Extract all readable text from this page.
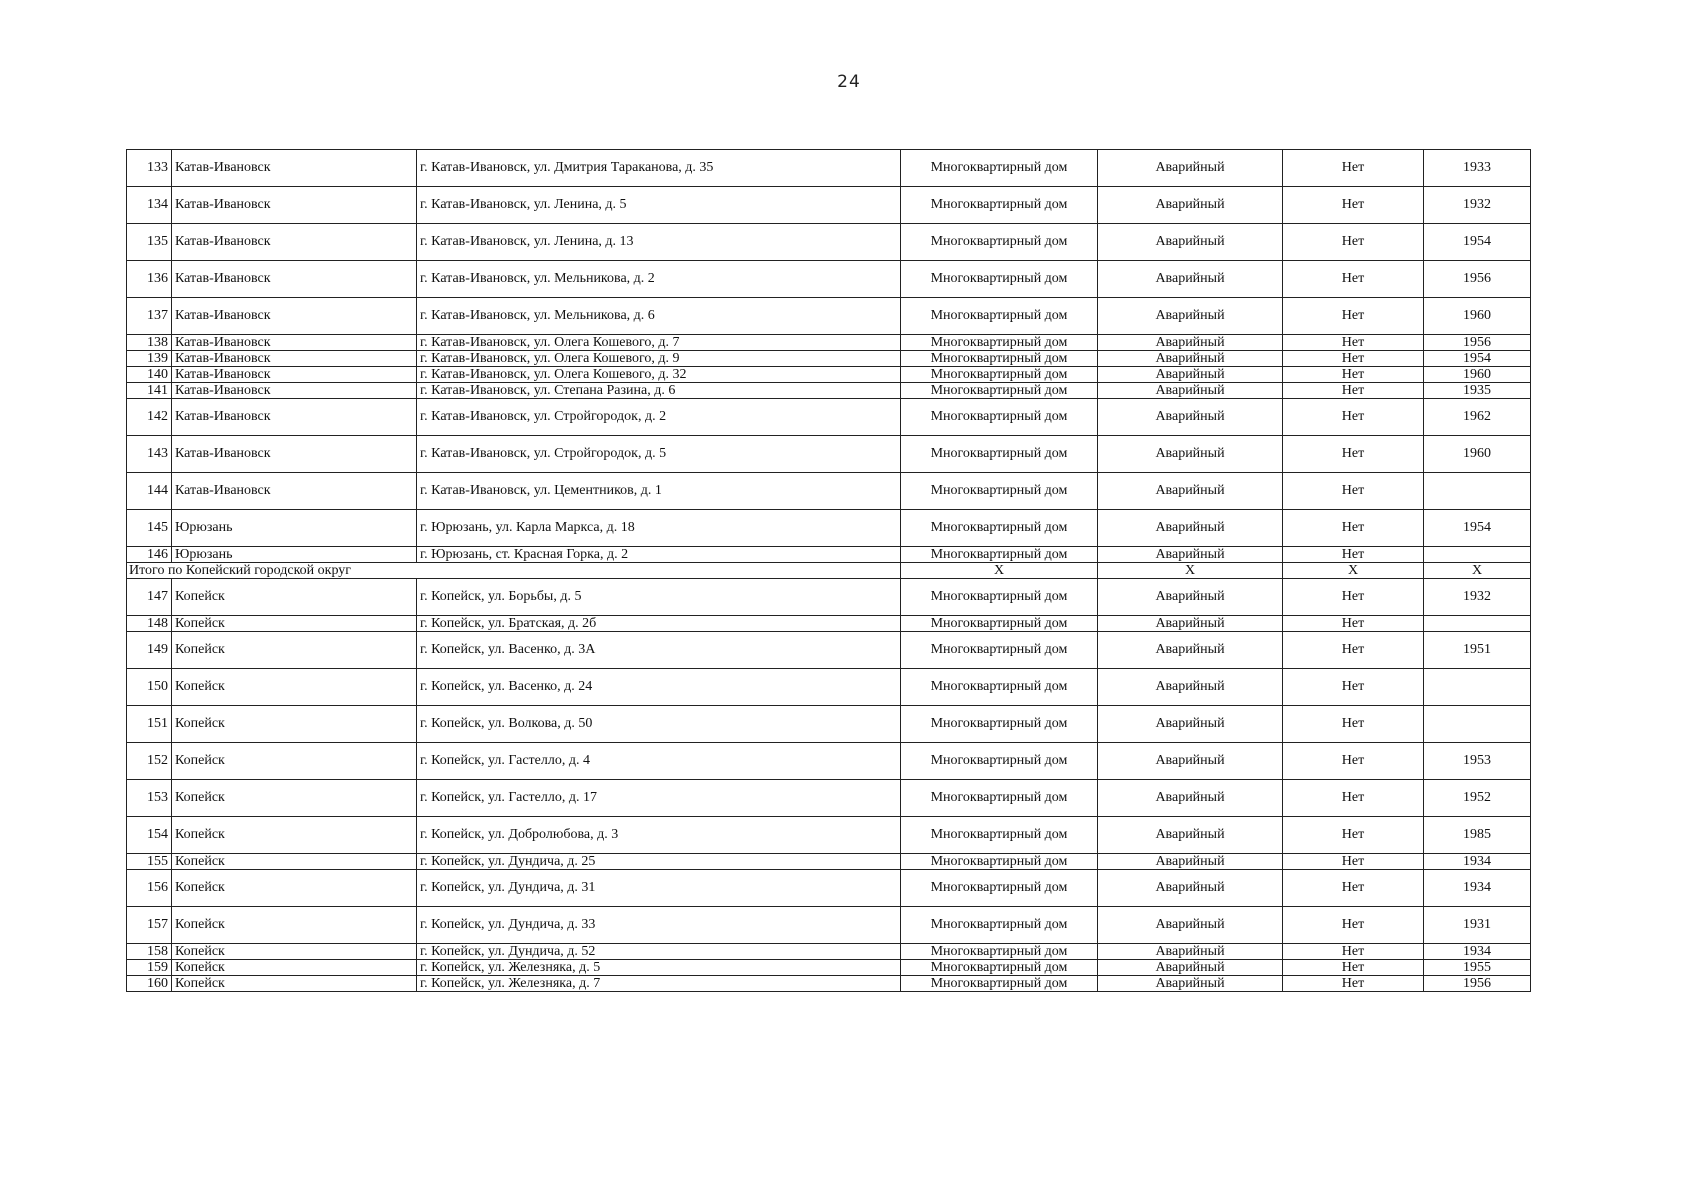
24
133	Катав-Ивановск	г. Катав-Ивановск, ул. Дмитрия Тараканова, д. 35	Многоквартирный дом	Аварийный	Нет	1933
134	Катав-Ивановск	г. Катав-Ивановск, ул. Ленина, д. 5	Многоквартирный дом	Аварийный	Нет	1932
135	Катав-Ивановск	г. Катав-Ивановск, ул. Ленина, д. 13	Многоквартирный дом	Аварийный	Нет	1954
136	Катав-Ивановск	г. Катав-Ивановск, ул. Мельникова, д. 2	Многоквартирный дом	Аварийный	Нет	1956
137	Катав-Ивановск	г. Катав-Ивановск, ул. Мельникова, д. 6	Многоквартирный дом	Аварийный	Нет	1960
138	Катав-Ивановск	г. Катав-Ивановск, ул. Олега Кошевого, д. 7	Многоквартирный дом	Аварийный	Нет	1956
139	Катав-Ивановск	г. Катав-Ивановск, ул. Олега Кошевого, д. 9	Многоквартирный дом	Аварийный	Нет	1954
140	Катав-Ивановск	г. Катав-Ивановск, ул. Олега Кошевого, д. 32	Многоквартирный дом	Аварийный	Нет	1960
141	Катав-Ивановск	г. Катав-Ивановск, ул. Степана Разина, д. 6	Многоквартирный дом	Аварийный	Нет	1935
142	Катав-Ивановск	г. Катав-Ивановск, ул. Стройгородок, д. 2	Многоквартирный дом	Аварийный	Нет	1962
143	Катав-Ивановск	г. Катав-Ивановск, ул. Стройгородок, д. 5	Многоквартирный дом	Аварийный	Нет	1960
144	Катав-Ивановск	г. Катав-Ивановск, ул. Цементников, д. 1	Многоквартирный дом	Аварийный	Нет	
145	Юрюзань	г. Юрюзань, ул. Карла Маркса, д. 18	Многоквартирный дом	Аварийный	Нет	1954
146	Юрюзань	г. Юрюзань, ст. Красная Горка, д. 2	Многоквартирный дом	Аварийный	Нет	
Итого по Копейский городской округ			X	X	X	X
147	Копейск	г. Копейск, ул. Борьбы, д. 5	Многоквартирный дом	Аварийный	Нет	1932
148	Копейск	г. Копейск, ул. Братская, д. 2б	Многоквартирный дом	Аварийный	Нет	
149	Копейск	г. Копейск, ул. Васенко, д. 3А	Многоквартирный дом	Аварийный	Нет	1951
150	Копейск	г. Копейск, ул. Васенко, д. 24	Многоквартирный дом	Аварийный	Нет	
151	Копейск	г. Копейск, ул. Волкова, д. 50	Многоквартирный дом	Аварийный	Нет	
152	Копейск	г. Копейск, ул. Гастелло, д. 4	Многоквартирный дом	Аварийный	Нет	1953
153	Копейск	г. Копейск, ул. Гастелло, д. 17	Многоквартирный дом	Аварийный	Нет	1952
154	Копейск	г. Копейск, ул. Добролюбова, д. 3	Многоквартирный дом	Аварийный	Нет	1985
155	Копейск	г. Копейск, ул. Дундича, д. 25	Многоквартирный дом	Аварийный	Нет	1934
156	Копейск	г. Копейск, ул. Дундича, д. 31	Многоквартирный дом	Аварийный	Нет	1934
157	Копейск	г. Копейск, ул. Дундича, д. 33	Многоквартирный дом	Аварийный	Нет	1931
158	Копейск	г. Копейск, ул. Дундича, д. 52	Многоквартирный дом	Аварийный	Нет	1934
159	Копейск	г. Копейск, ул. Железняка, д. 5	Многоквартирный дом	Аварийный	Нет	1955
160	Копейск	г. Копейск, ул. Железняка, д. 7	Многоквартирный дом	Аварийный	Нет	1956
